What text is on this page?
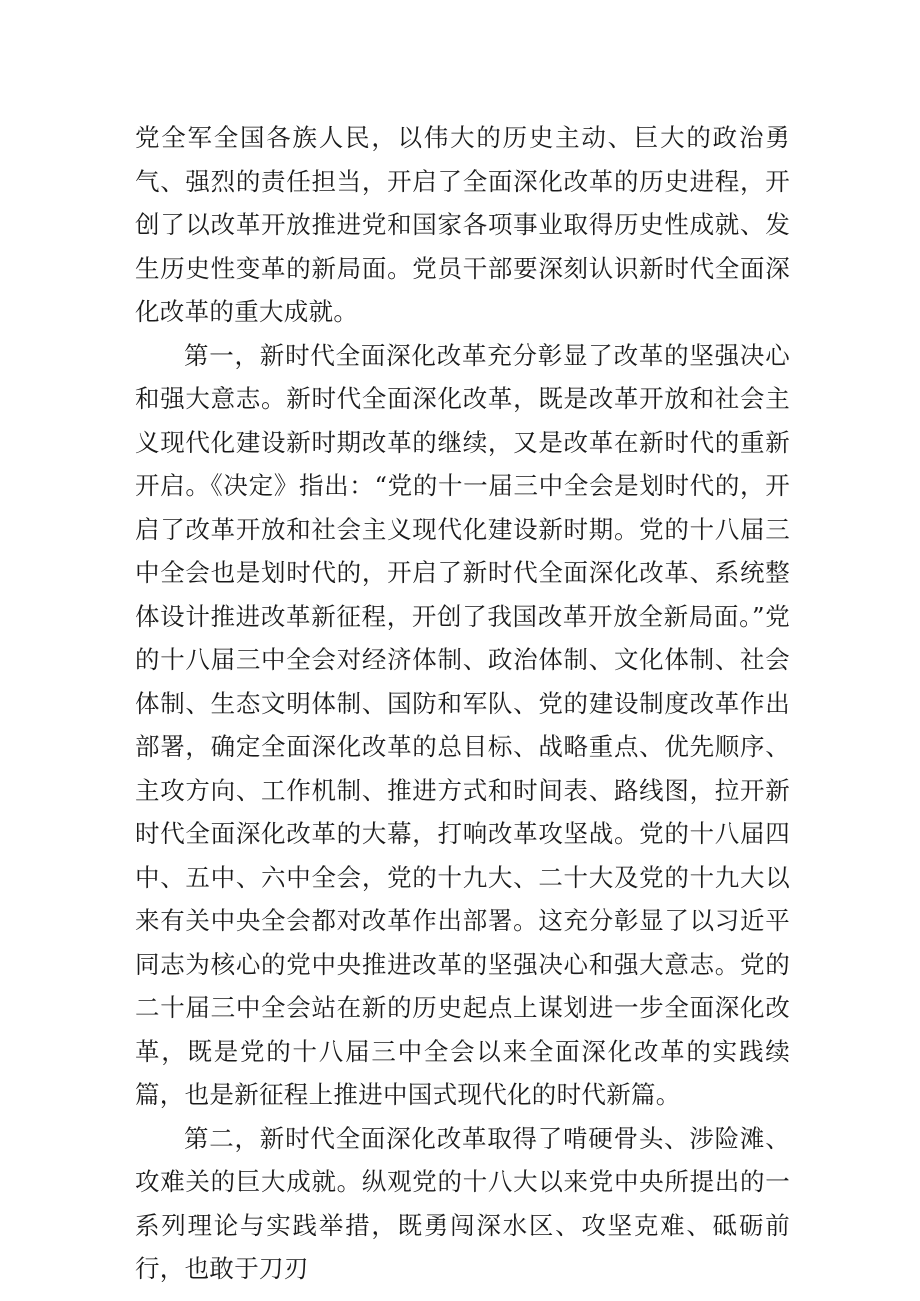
党全军全国各族人民，以伟大的历史主动、巨大的政治勇气、强烈的责任担当，开启了全面深化改革的历史进程，开创了以改革开放推进党和国家各项事业取得历史性成就、发生历史性变革的新局面。党员干部要深刻认识新时代全面深化改革的重大成就。

第一，新时代全面深化改革充分彰显了改革的坚强决心和强大意志。新时代全面深化改革，既是改革开放和社会主义现代化建设新时期改革的继续，又是改革在新时代的重新开启。《决定》指出：“党的十一届三中全会是划时代的，开启了改革开放和社会主义现代化建设新时期。党的十八届三中全会也是划时代的，开启了新时代全面深化改革、系统整体设计推进改革新征程，开创了我国改革开放全新局面。”党的十八届三中全会对经济体制、政治体制、文化体制、社会体制、生态文明体制、国防和军队、党的建设制度改革作出部署，确定全面深化改革的总目标、战略重点、优先顺序、主攻方向、工作机制、推进方式和时间表、路线图，拉开新时代全面深化改革的大幕，打响改革攻坚战。党的十八届四中、五中、六中全会，党的十九大、二十大及党的十九大以来有关中央全会都对改革作出部署。这充分彰显了以习近平同志为核心的党中央推进改革的坚强决心和强大意志。党的二十届三中全会站在新的历史起点上谋划进一步全面深化改革，既是党的十八届三中全会以来全面深化改革的实践续篇，也是新征程上推进中国式现代化的时代新篇。

第二，新时代全面深化改革取得了啃硬骨头、涉险滩、攻难关的巨大成就。纵观党的十八大以来党中央所提出的一系列理论与实践举措，既勇闯深水区、攻坚克难、砥砺前行，也敢于刀刃
